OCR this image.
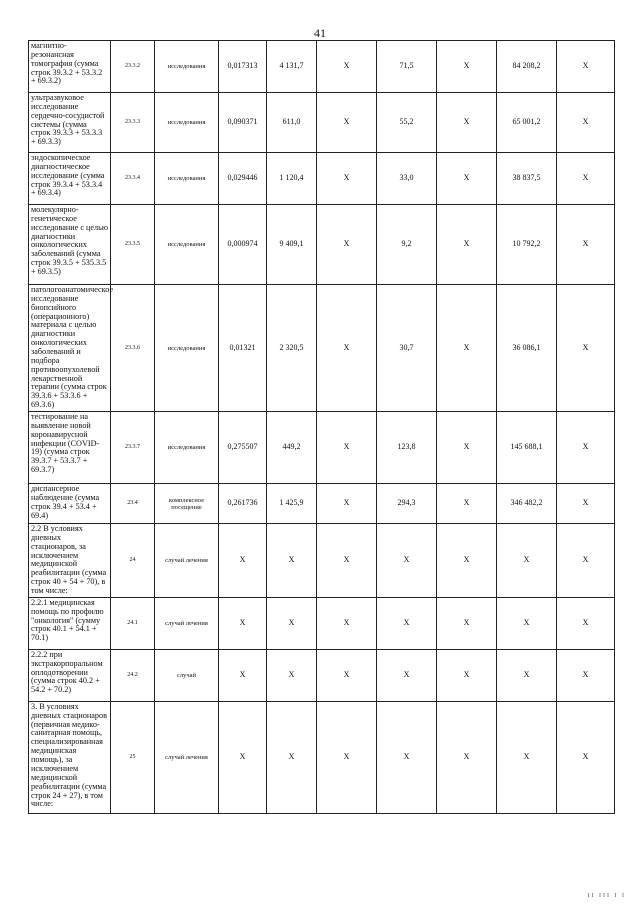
41
магнитно-резонансная томография (сумма строк 39.3.2 + 53.3.2 + 69.3.2)	23.3.2	исследования	0,017313	4 131,7	X	71,5	X	84 208,2	X
ультразвуковое исследование сердечно-сосудистой системы (сумма строк 39.3.3 + 53.3.3 + 69.3.3)	23.3.3	исследования	0,090371	611,0	X	55,2	X	65 001,2	X
эндоскопическое диагностическое исследование (сумма строк 39.3.4 + 53.3.4 + 69.3.4)	23.3.4	исследования	0,029446	1 120,4	X	33,0	X	38 837,5	X
молекулярно-генетическое исследование с целью диагностики онкологических заболеваний (сумма строк 39.3.5 + 535.3.5 + 69.3.5)	23.3.5	исследования	0,000974	9 409,1	X	9,2	X	10 792,2	X
патологоанатомическое исследование биопсийного (операционного) материала с целью диагностики онкологических заболеваний и подбора противоопухолевой лекарственной терапии (сумма строк 39.3.6 + 53.3.6 + 69.3.6)	23.3.6	исследования	0,01321	2 320,5	X	30,7	X	36 086,1	X
тестирование на выявление новой коронавирусной инфекции (COVID-19) (сумма строк 39.3.7 + 53.3.7 + 69.3.7)	23.3.7	исследования	0,275507	449,2	X	123,8	X	145 688,1	X
диспансерное наблюдение (сумма строк 39.4 + 53.4 + 69.4)	23.4	комплексное посещение	0,261736	1 425,9	X	294,3	X	346 482,2	X
2.2 В условиях дневных стационаров, за исключением медицинской реабилитации (сумма строк 40 + 54 + 70), в том числе:	24	случай лечения	X	X	X	X	X	X	X
2.2.1 медицинская помощь по профилю "онкология" (сумму строк 40.1 + 54.1 + 70.1)	24.1	случай лечения	X	X	X	X	X	X	X
2.2.2 при экстракорпоральном оплодотворении (сумма строк 40.2 + 54.2 + 70.2)	24.2	случай	X	X	X	X	X	X	X
3. В условиях дневных стационаров (первичная медико-санитарная помощь, специализированная медицинская помощь), за исключением медицинской реабилитации (сумма строк 24 + 27), в том числе:	25	случай лечения	X	X	X	X	X	X	X
II III I I
